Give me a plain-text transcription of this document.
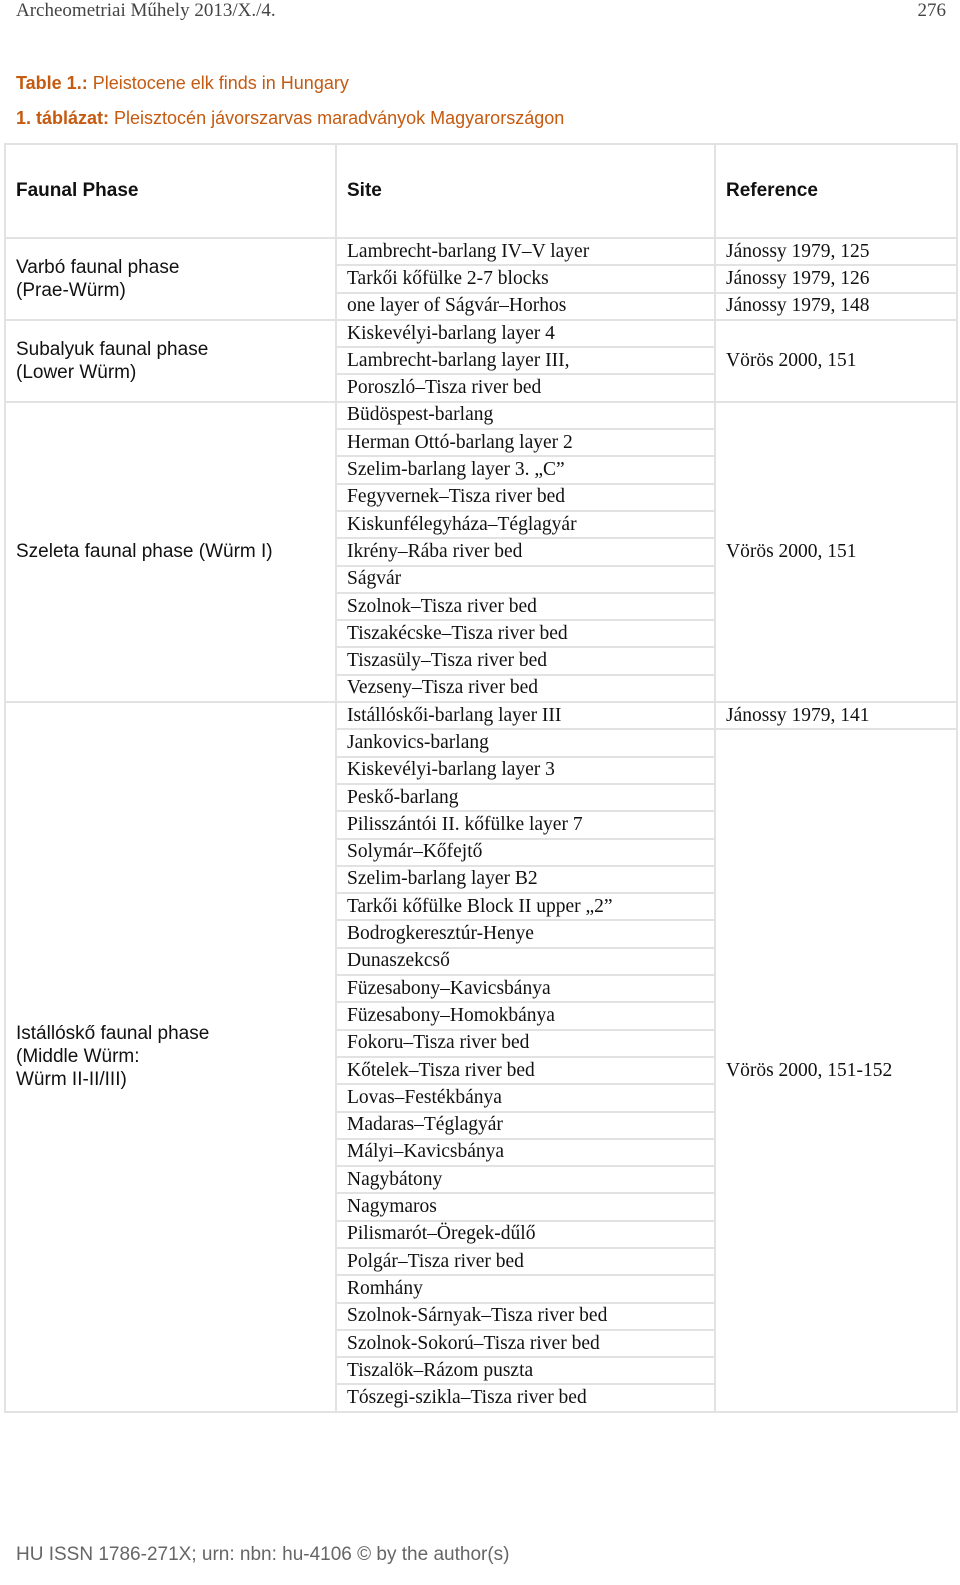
Archeometriai Műhely 2013/X./4.	276
Table 1.: Pleistocene elk finds in Hungary
1. táblázat: Pleisztocén jávorszarvas maradványok Magyarországon
Faunal Phase	Site	Reference

Varbó faunal phase
(Prae-Würm)	Lambrecht-barlang IV–V layer	Jánossy 1979, 125
	Tarkői kőfülke 2-7 blocks	Jánossy 1979, 126
	one layer of Ságvár–Horhos	Jánossy 1979, 148

Subalyuk faunal phase
(Lower Würm)	Kiskevélyi-barlang layer 4	Vörös 2000, 151
	Lambrecht-barlang layer III,	
	Poroszló–Tisza river bed	

Szeleta faunal phase (Würm I)	Büdöspest-barlang	Vörös 2000, 151
	Herman Ottó-barlang layer 2	
	Szelim-barlang layer 3. „C”	
	Fegyvernek–Tisza river bed	
	Kiskunfélegyháza–Téglagyár	
	Ikrény–Rába river bed	
	Ságvár	
	Szolnok–Tisza river bed	
	Tiszakécske–Tisza river bed	
	Tiszasüly–Tisza river bed	
	Vezseny–Tisza river bed	

Istállóskő faunal phase
(Middle Würm:
Würm II-II/III)	Istállóskői-barlang layer III	Jánossy 1979, 141
	Jankovics-barlang	Vörös 2000, 151-152
	Kiskevélyi-barlang layer 3	
	Peskő-barlang	
	Pilisszántói II. kőfülke layer 7	
	Solymár–Kőfejtő	
	Szelim-barlang layer B2	
	Tarkői kőfülke Block II upper „2”	
	Bodrogkeresztúr-Henye	
	Dunaszekcső	
	Füzesabony–Kavicsbánya	
	Füzesabony–Homokbánya	
	Fokoru–Tisza river bed	
	Kőtelek–Tisza river bed	
	Lovas–Festékbánya	
	Madaras–Téglagyár	
	Mályi–Kavicsbánya	
	Nagybátony	
	Nagymaros	
	Pilismarót–Öregek-dűlő	
	Polgár–Tisza river bed	
	Romhány	
	Szolnok-Sárnyak–Tisza river bed	
	Szolnok-Sokorú–Tisza river bed	
	Tiszalök–Rázom puszta	
	Tószegi-szikla–Tisza river bed	
HU ISSN 1786-271X; urn: nbn: hu-4106 © by the author(s)
